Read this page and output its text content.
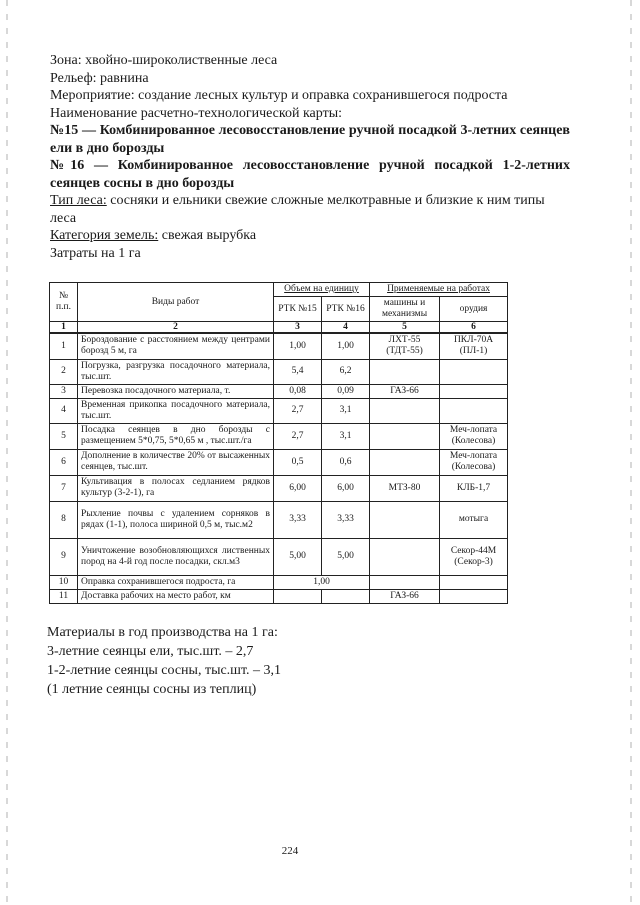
Зона: хвойно-широколиственные леса

Рельеф: равнина

Мероприятие: создание лесных культур и оправка сохранившегося подроста

Наименование расчетно-технологической карты:

№15 — Комбинированное лесовосстановление ручной посадкой 3-летних сеянцев ели в дно борозды

№16 — Комбинированное лесовосстановление ручной посадкой 1-2-летних сеянцев сосны в дно борозды

Тип леса: сосняки и ельники свежие сложные мелкотравные и близкие к ним типы леса

Категория земель: свежая вырубка

Затраты на 1 га

№ п.п.	Виды работ	Объем на единицу		Применяемые на работах	
		РТК №15	РТК №16	машины и механизмы	орудия
1	2	3	4	5	6
1	Бороздование с расстоянием между центрами борозд 5 м, га	1,00	1,00	ЛХТ-55 (ТДТ-55)	ПКЛ-70А (ПЛ-1)
2	Погрузка, разгрузка посадочного материала, тыс.шт.	5,4	6,2		
3	Перевозка посадочного материала, т.	0,08	0,09	ГАЗ-66	
4	Временная прикопка посадочного материала, тыс.шт.	2,7	3,1		
5	Посадка сеянцев в дно борозды с размещением 5*0,75, 5*0,65 м , тыс.шт./га	2,7	3,1		Меч-лопата (Колесова)
6	Дополнение в количестве 20% от высаженных сеянцев, тыс.шт.	0,5	0,6		Меч-лопата (Колесова)
7	Культивация в полосах седланием рядков культур (3-2-1), га	6,00	6,00	МТЗ-80	КЛБ-1,7
8	Рыхление почвы с удалением сорняков в рядах (1-1), полоса шириной 0,5 м, тыс.м2	3,33	3,33		мотыга
9	Уничтожение возобновляющихся лиственных пород на 4-й год после посадки, скл.м3	5,00	5,00		Секор-44М (Секор-3)
10	Оправка сохранившегося подроста, га	1,00			
11	Доставка рабочих на место работ, км			ГАЗ-66	

Материалы в год производства на 1 га:

3-летние сеянцы ели, тыс.шт. – 2,7

1-2-летние сеянцы сосны, тыс.шт. – 3,1

(1 летние сеянцы сосны из теплиц)

224
